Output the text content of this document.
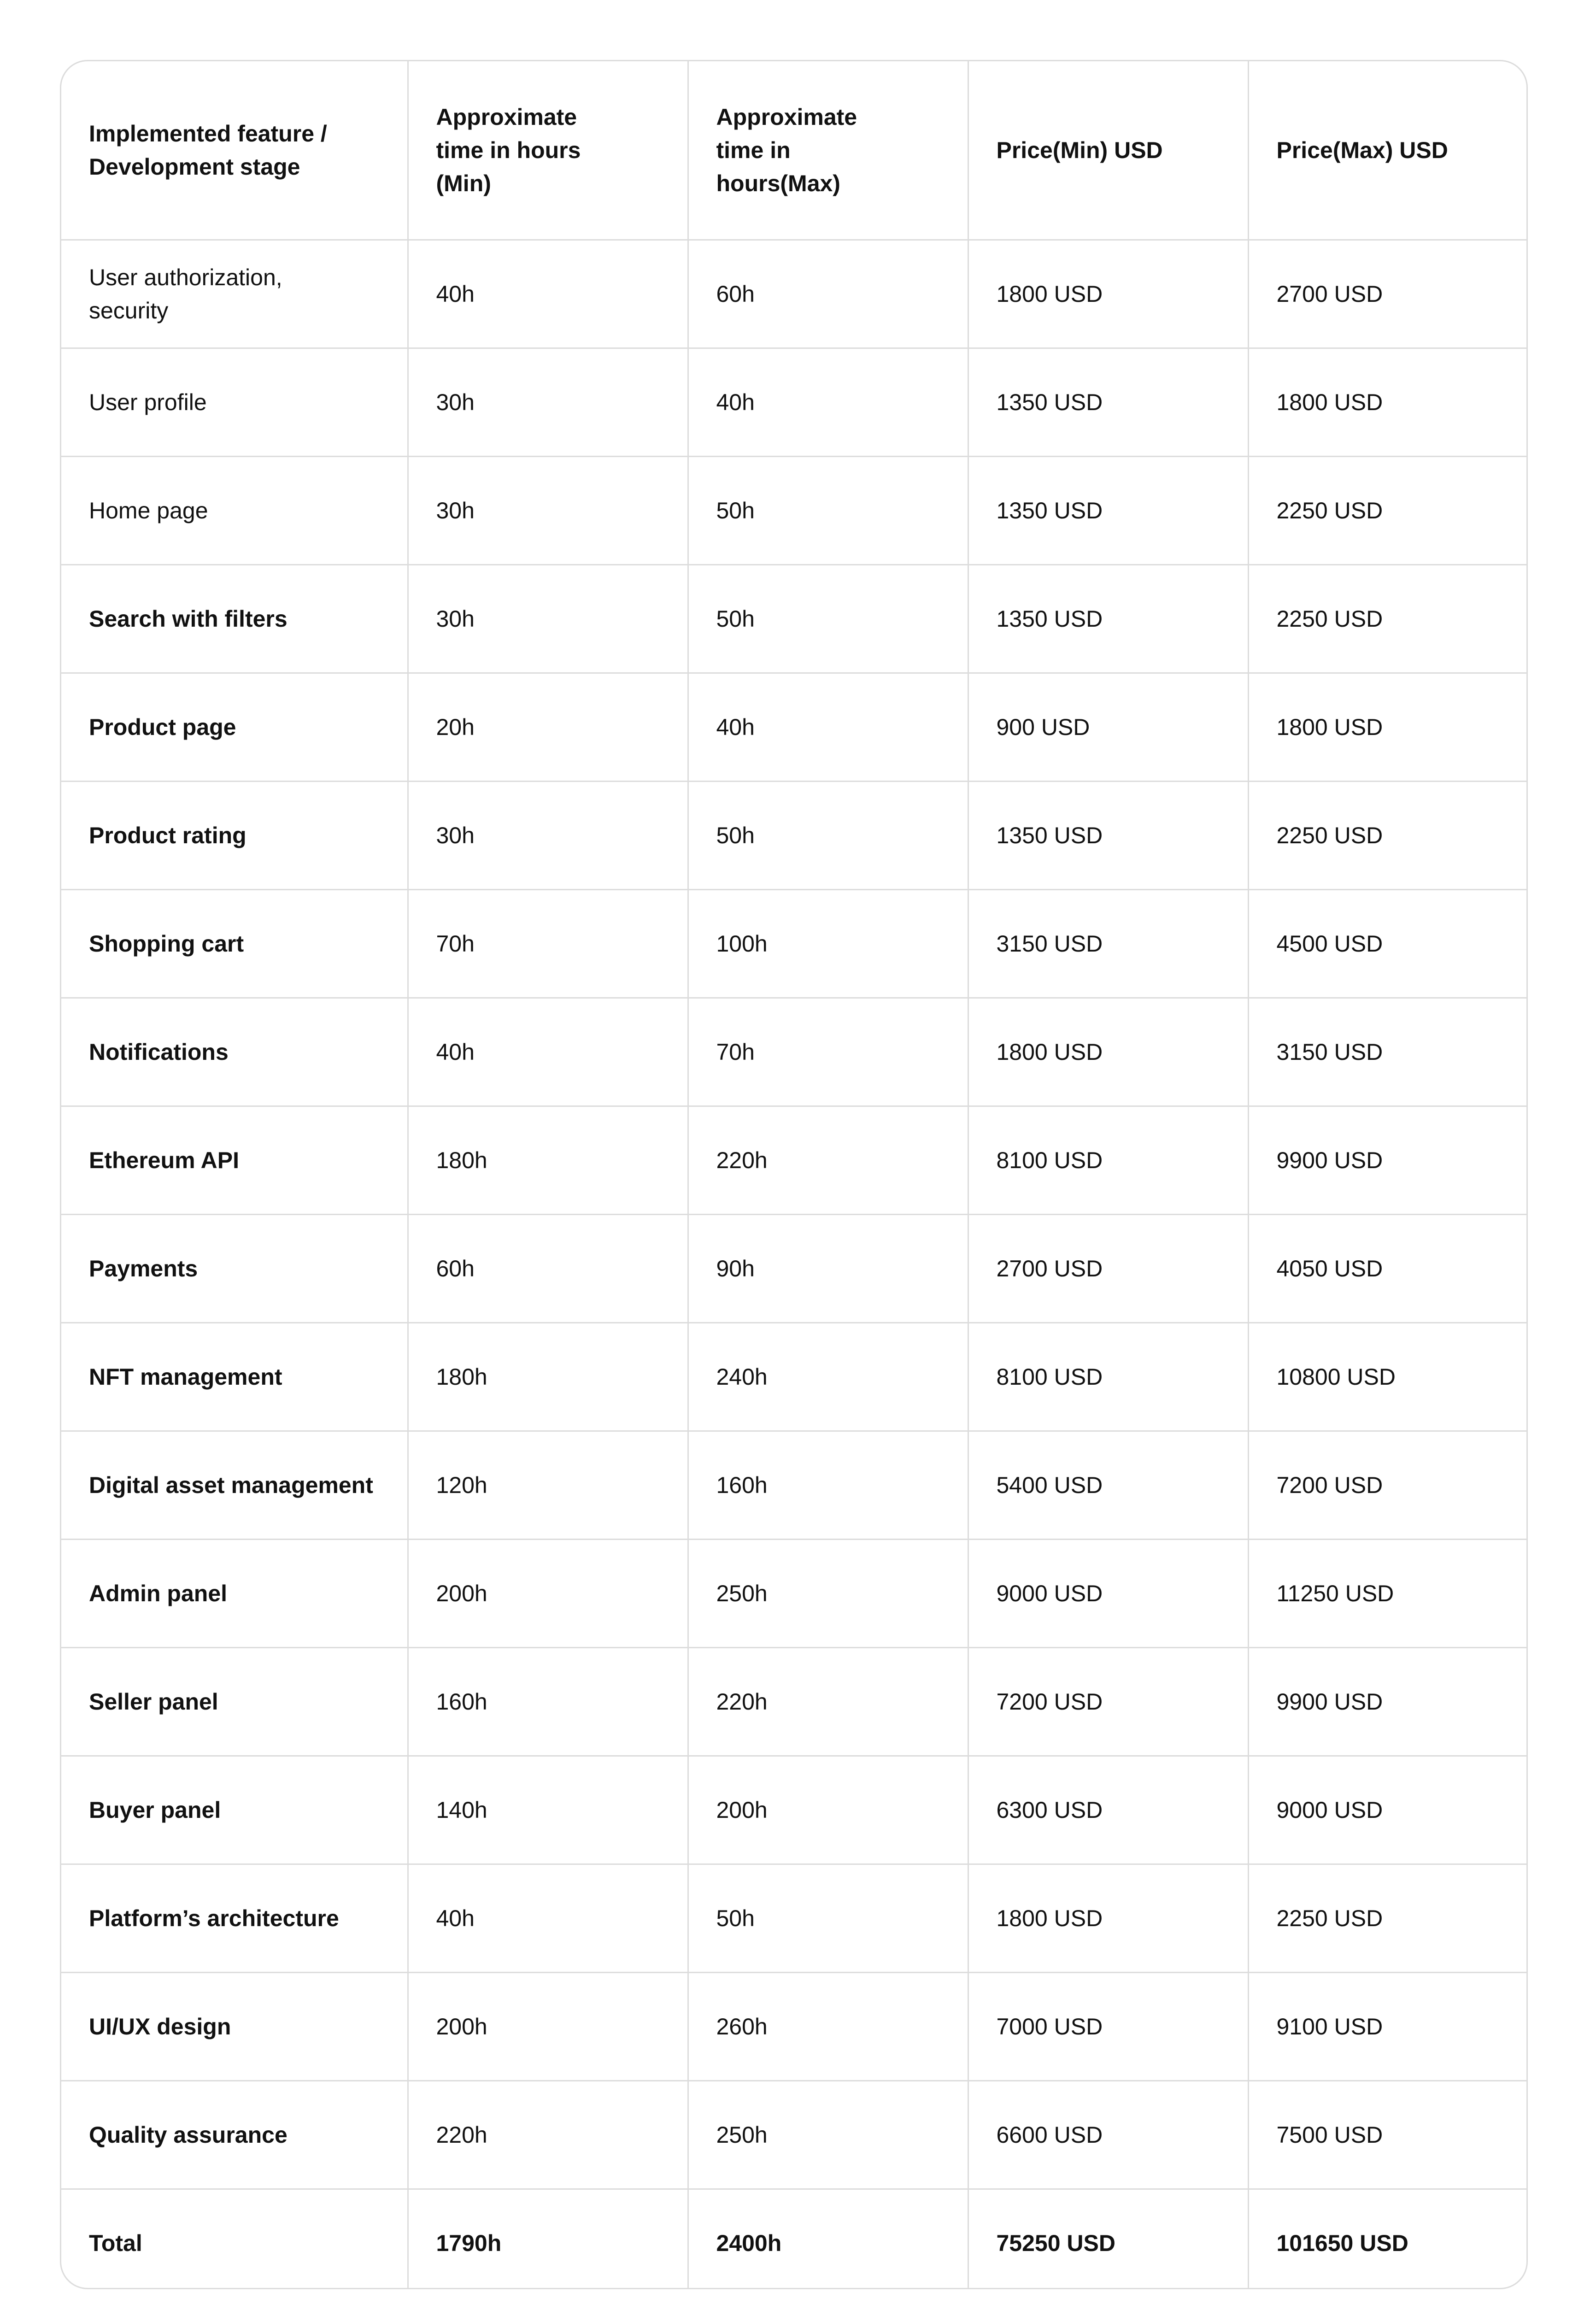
Implemented feature / Development stage	Approximate time in hours (Min)	Approximate time in hours(Max)	Price(Min) USD	Price(Max) USD
User authorization, security	40h	60h	1800 USD	2700 USD
User profile	30h	40h	1350 USD	1800 USD
Home page	30h	50h	1350 USD	2250 USD
Search with filters	30h	50h	1350 USD	2250 USD
Product page	20h	40h	900 USD	1800 USD
Product rating	30h	50h	1350 USD	2250 USD
Shopping cart	70h	100h	3150 USD	4500 USD
Notifications	40h	70h	1800 USD	3150 USD
Ethereum API	180h	220h	8100 USD	9900 USD
Payments	60h	90h	2700 USD	4050 USD
NFT management	180h	240h	8100 USD	10800 USD
Digital asset management	120h	160h	5400 USD	7200 USD
Admin panel	200h	250h	9000 USD	11250 USD
Seller panel	160h	220h	7200 USD	9900 USD
Buyer panel	140h	200h	6300 USD	9000 USD
Platform’s architecture	40h	50h	1800 USD	2250 USD
UI/UX design	200h	260h	7000 USD	9100 USD
Quality assurance	220h	250h	6600 USD	7500 USD
Total	1790h	2400h	75250 USD	101650 USD
